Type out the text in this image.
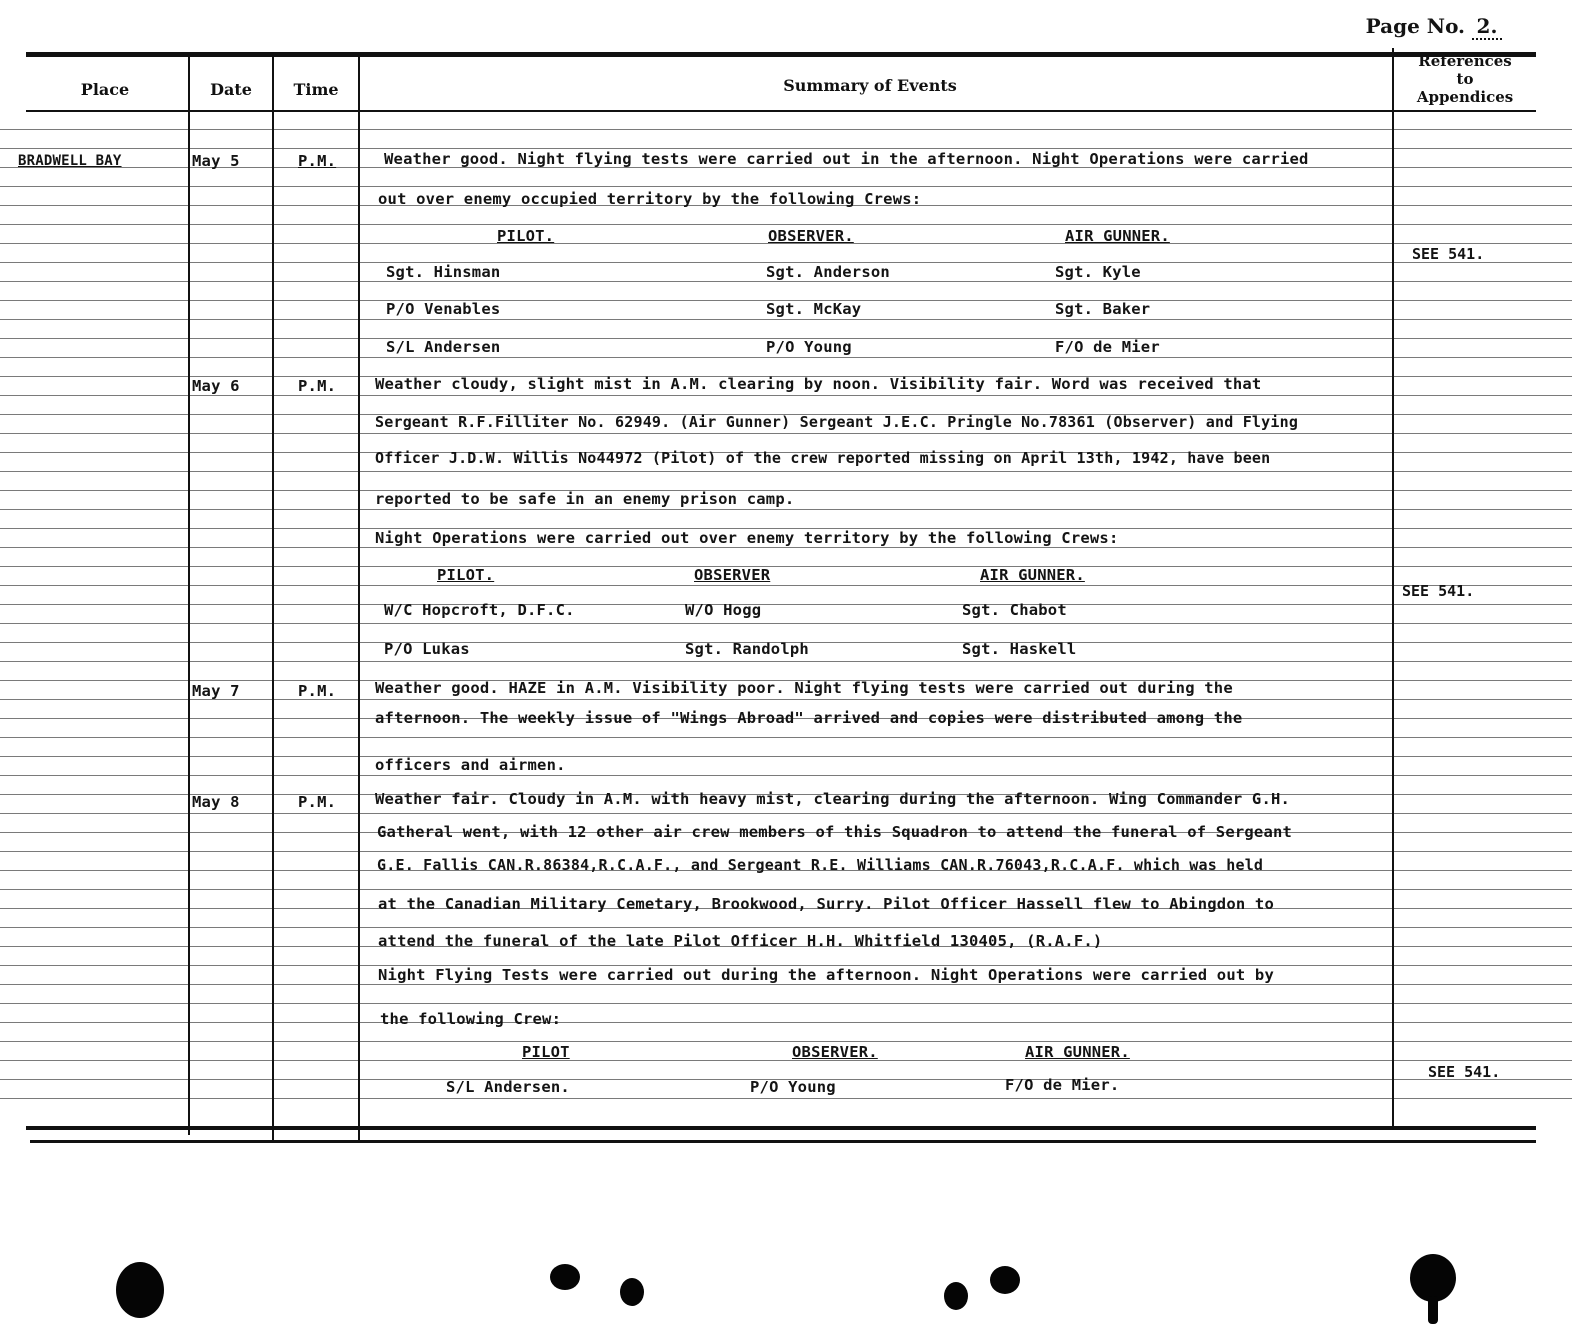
Page No. 2.
Place	Date	Time	Summary of Events
References to Appendices
BRADWELL BAY	May 5	P.M.	Weather good. Night flying tests were carried out in the afternoon. Night Operations were carried
out over enemy occupied territory by the following Crews:
PILOT.	OBSERVER.	AIR GUNNER.
Sgt. Hinsman	Sgt. Anderson	Sgt. Kyle
P/O Venables	Sgt. McKay	Sgt. Baker
S/L Andersen	P/O Young	F/O de Mier
SEE 541.
May 6	P.M.	Weather cloudy, slight mist in A.M. clearing by noon. Visibility fair. Word was received that
Sergeant R.F.Filliter No. 62949. (Air Gunner) Sergeant J.E.C. Pringle No.78361 (Observer) and Flying
Officer J.D.W. Willis No44972 (Pilot) of the crew reported missing on April 13th, 1942, have been
reported to be safe in an enemy prison camp.
Night Operations were carried out over enemy territory by the following Crews:
PILOT.	OBSERVER	AIR GUNNER.
W/C Hopcroft, D.F.C.	W/O Hogg	Sgt. Chabot
P/O Lukas	Sgt. Randolph	Sgt. Haskell
SEE 541.
May 7	P.M.	Weather good. HAZE in A.M. Visibility poor. Night flying tests were carried out during the
afternoon. The weekly issue of "Wings Abroad" arrived and copies were distributed among the
officers and airmen.
May 8	P.M.	Weather fair. Cloudy in A.M. with heavy mist, clearing during the afternoon. Wing Commander G.H.
Gatheral went, with 12 other air crew members of this Squadron to attend the funeral of Sergeant
G.E. Fallis CAN.R.86384,R.C.A.F., and Sergeant R.E. Williams CAN.R.76043,R.C.A.F. which was held
at the Canadian Military Cemetary, Brookwood, Surry. Pilot Officer Hassell flew to Abingdon to
attend the funeral of the late Pilot Officer H.H. Whitfield 130405, (R.A.F.)
Night Flying Tests were carried out during the afternoon. Night Operations were carried out by
the following Crew:
PILOT	OBSERVER.	AIR GUNNER.
S/L Andersen.	P/O Young	F/O de Mier.
SEE 541.
